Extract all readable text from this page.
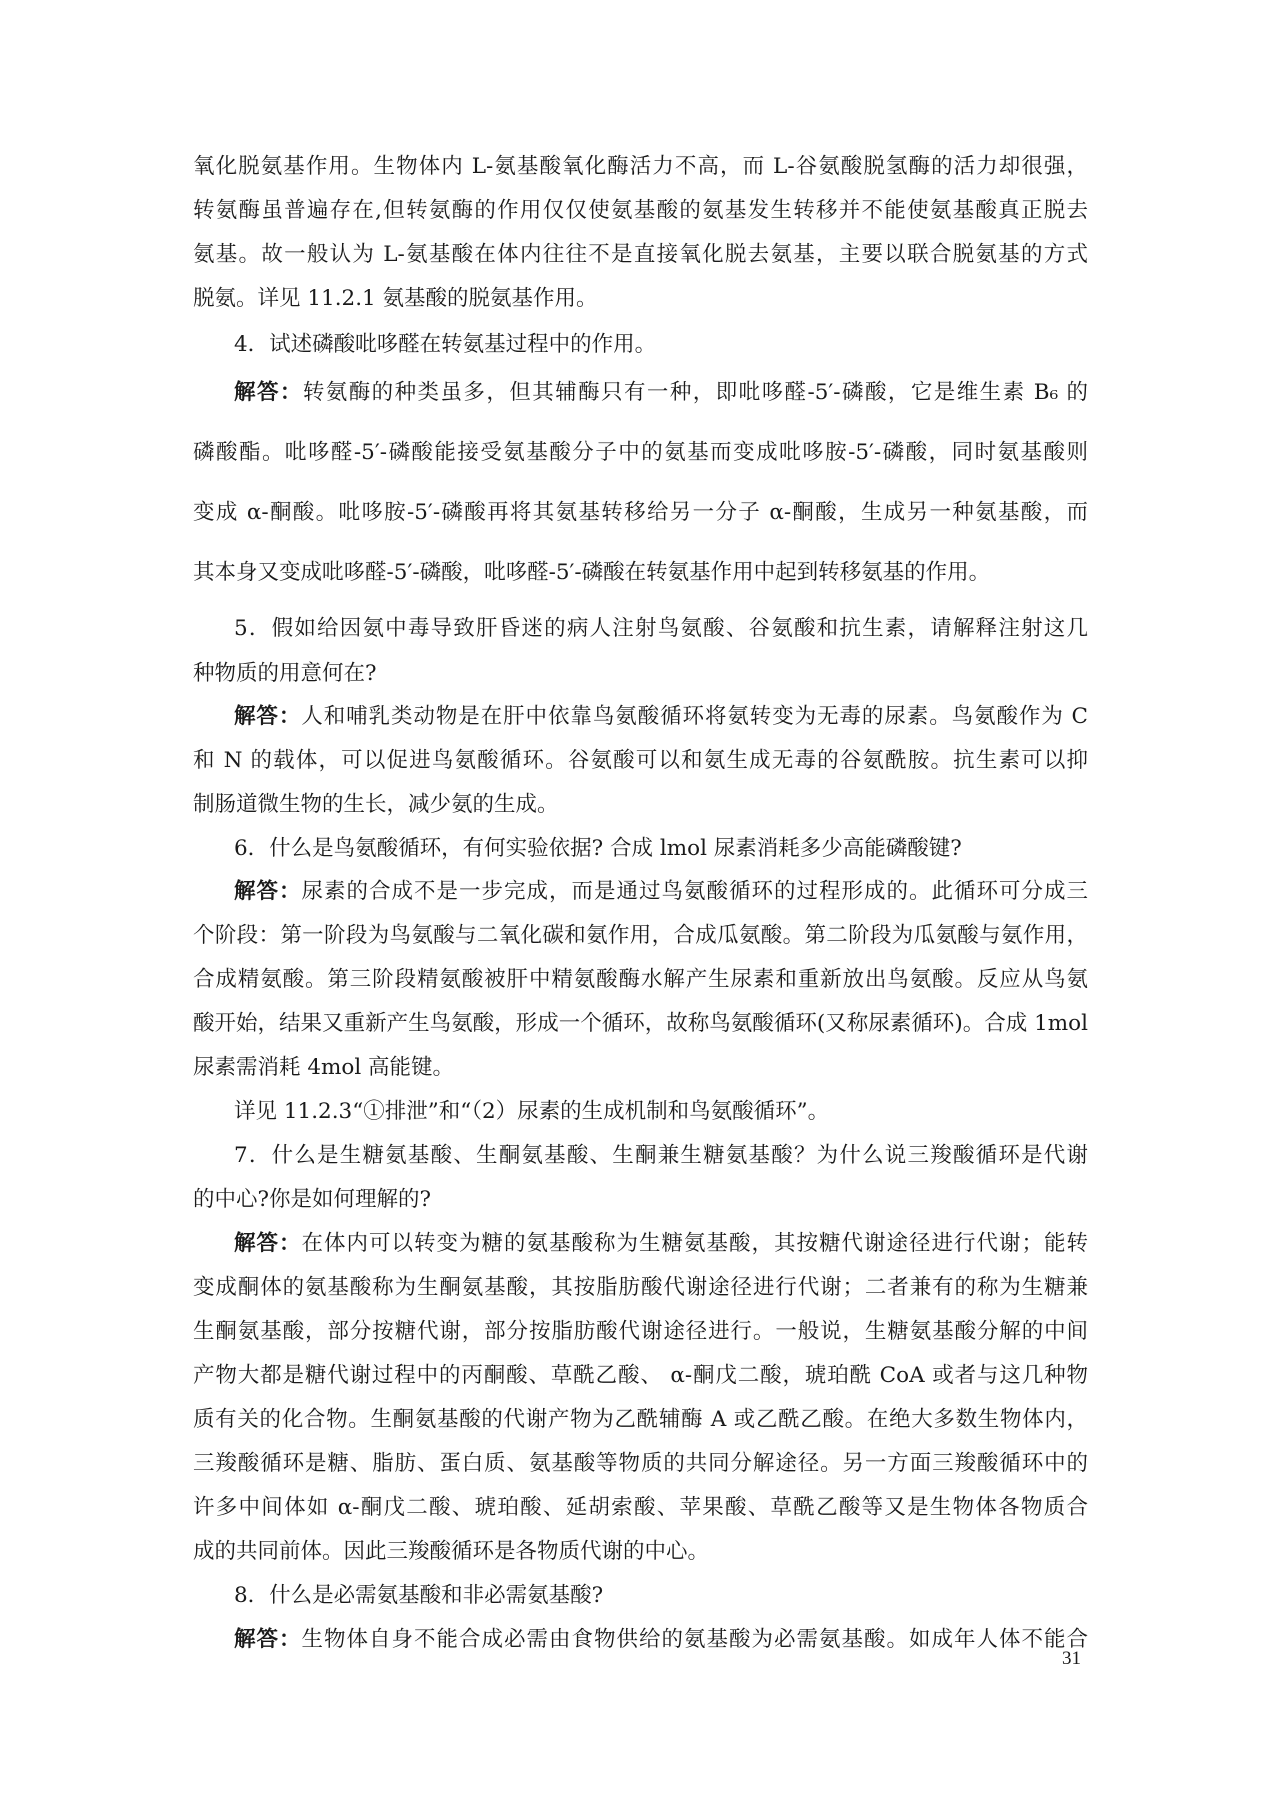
氧化脱氨基作用。生物体内 L-氨基酸氧化酶活力不高，而 L-谷氨酸脱氢酶的活力却很强，
转氨酶虽普遍存在,但转氨酶的作用仅仅使氨基酸的氨基发生转移并不能使氨基酸真正脱去
氨基。故一般认为 L-氨基酸在体内往往不是直接氧化脱去氨基，主要以联合脱氨基的方式
脱氨。详见 11.2.1 氨基酸的脱氨基作用。
4．试述磷酸吡哆醛在转氨基过程中的作用。
解答：转氨酶的种类虽多，但其辅酶只有一种，即吡哆醛-5′-磷酸，它是维生素 B₆ 的
磷酸酯。吡哆醛-5′-磷酸能接受氨基酸分子中的氨基而变成吡哆胺-5′-磷酸，同时氨基酸则
变成 α-酮酸。吡哆胺-5′-磷酸再将其氨基转移给另一分子 α-酮酸，生成另一种氨基酸，而
其本身又变成吡哆醛-5′-磷酸，吡哆醛-5′-磷酸在转氨基作用中起到转移氨基的作用。
5．假如给因氨中毒导致肝昏迷的病人注射鸟氨酸、谷氨酸和抗生素，请解释注射这几
种物质的用意何在?
解答：人和哺乳类动物是在肝中依靠鸟氨酸循环将氨转变为无毒的尿素。鸟氨酸作为 C
和 N 的载体，可以促进鸟氨酸循环。谷氨酸可以和氨生成无毒的谷氨酰胺。抗生素可以抑
制肠道微生物的生长，减少氨的生成。
6．什么是鸟氨酸循环，有何实验依据? 合成 lmol 尿素消耗多少高能磷酸键?
解答：尿素的合成不是一步完成，而是通过鸟氨酸循环的过程形成的。此循环可分成三
个阶段：第一阶段为鸟氨酸与二氧化碳和氨作用，合成瓜氨酸。第二阶段为瓜氨酸与氨作用，
合成精氨酸。第三阶段精氨酸被肝中精氨酸酶水解产生尿素和重新放出鸟氨酸。反应从鸟氨
酸开始，结果又重新产生鸟氨酸，形成一个循环，故称鸟氨酸循环(又称尿素循环)。合成 1mol
尿素需消耗 4mol 高能键。
详见 11.2.3“①排泄”和“（2）尿素的生成机制和鸟氨酸循环”。
7．什么是生糖氨基酸、生酮氨基酸、生酮兼生糖氨基酸？为什么说三羧酸循环是代谢
的中心?你是如何理解的?
解答：在体内可以转变为糖的氨基酸称为生糖氨基酸，其按糖代谢途径进行代谢；能转
变成酮体的氨基酸称为生酮氨基酸，其按脂肪酸代谢途径进行代谢；二者兼有的称为生糖兼
生酮氨基酸，部分按糖代谢，部分按脂肪酸代谢途径进行。一般说，生糖氨基酸分解的中间
产物大都是糖代谢过程中的丙酮酸、草酰乙酸、 α-酮戊二酸，琥珀酰 CoA 或者与这几种物
质有关的化合物。生酮氨基酸的代谢产物为乙酰辅酶 A 或乙酰乙酸。在绝大多数生物体内，
三羧酸循环是糖、脂肪、蛋白质、氨基酸等物质的共同分解途径。另一方面三羧酸循环中的
许多中间体如 α-酮戊二酸、琥珀酸、延胡索酸、苹果酸、草酰乙酸等又是生物体各物质合
成的共同前体。因此三羧酸循环是各物质代谢的中心。
8．什么是必需氨基酸和非必需氨基酸?
解答：生物体自身不能合成必需由食物供给的氨基酸为必需氨基酸。如成年人体不能合
31
